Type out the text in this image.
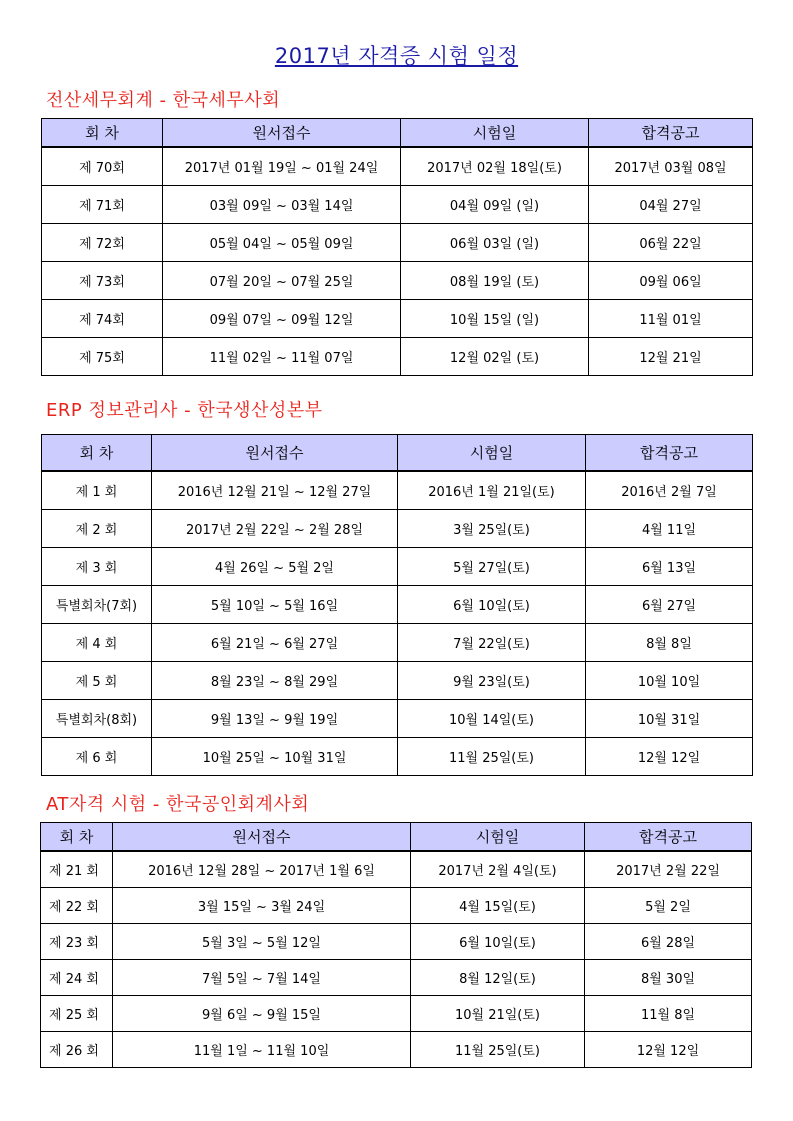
2017년 자격증 시험 일정
전산세무회계 - 한국세무사회
회 차	원서접수	시험일	합격공고
제 70회	2017년 01월 19일 ~ 01월 24일	2017년 02월 18일(토)	2017년 03월 08일
제 71회	03월 09일 ~ 03월 14일	04월 09일 (일)	04월 27일
제 72회	05월 04일 ~ 05월 09일	06월 03일 (일)	06월 22일
제 73회	07월 20일 ~ 07월 25일	08월 19일 (토)	09월 06일
제 74회	09월 07일 ~ 09월 12일	10월 15일 (일)	11월 01일
제 75회	11월 02일 ~ 11월 07일	12월 02일 (토)	12월 21일
ERP 정보관리사 - 한국생산성본부
회 차	원서접수	시험일	합격공고
제 1 회	2016년 12월 21일 ~ 12월 27일	2016년 1월 21일(토)	2016년 2월 7일
제 2 회	2017년 2월 22일 ~ 2월 28일	3월 25일(토)	4월 11일
제 3 회	4월 26일 ~ 5월 2일	5월 27일(토)	6월 13일
특별회차(7회)	5월 10일 ~ 5월 16일	6월 10일(토)	6월 27일
제 4 회	6월 21일 ~ 6월 27일	7월 22일(토)	8월 8일
제 5 회	8월 23일 ~ 8월 29일	9월 23일(토)	10월 10일
특별회차(8회)	9월 13일 ~ 9월 19일	10월 14일(토)	10월 31일
제 6 회	10월 25일 ~ 10월 31일	11월 25일(토)	12월 12일
AT자격 시험 - 한국공인회계사회
회 차	원서접수	시험일	합격공고
제 21 회	2016년 12월 28일 ~ 2017년 1월 6일	2017년 2월 4일(토)	2017년 2월 22일
제 22 회	3월 15일 ~ 3월 24일	4월 15일(토)	5월 2일
제 23 회	5월 3일 ~ 5월 12일	6월 10일(토)	6월 28일
제 24 회	7월 5일 ~ 7월 14일	8월 12일(토)	8월 30일
제 25 회	9월 6일 ~ 9월 15일	10월 21일(토)	11월 8일
제 26 회	11월 1일 ~ 11월 10일	11월 25일(토)	12월 12일
